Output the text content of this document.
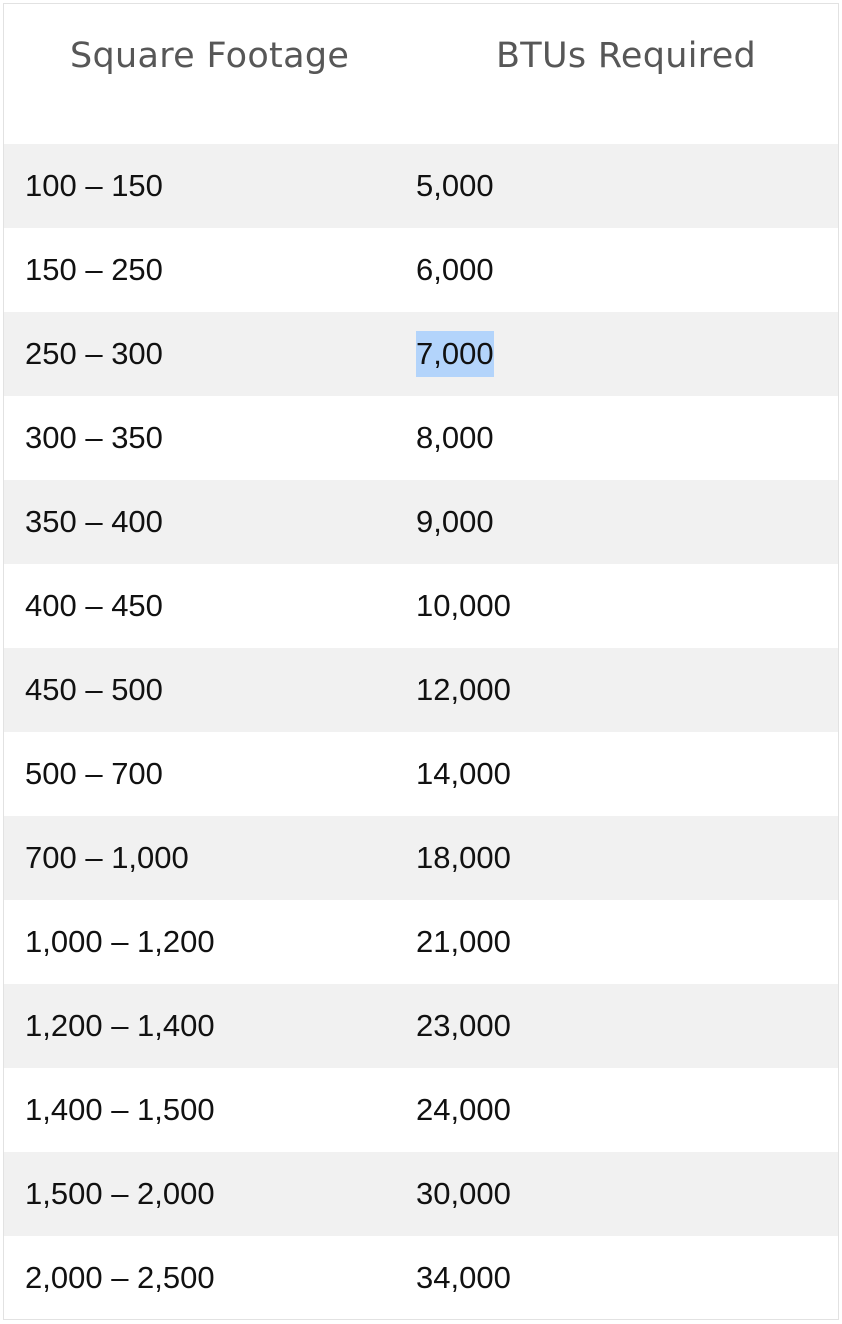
Square Footage	BTUs Required
100 – 150	5,000
150 – 250	6,000
250 – 300	7,000
300 – 350	8,000
350 – 400	9,000
400 – 450	10,000
450 – 500	12,000
500 – 700	14,000
700 – 1,000	18,000
1,000 – 1,200	21,000
1,200 – 1,400	23,000
1,400 – 1,500	24,000
1,500 – 2,000	30,000
2,000 – 2,500	34,000
